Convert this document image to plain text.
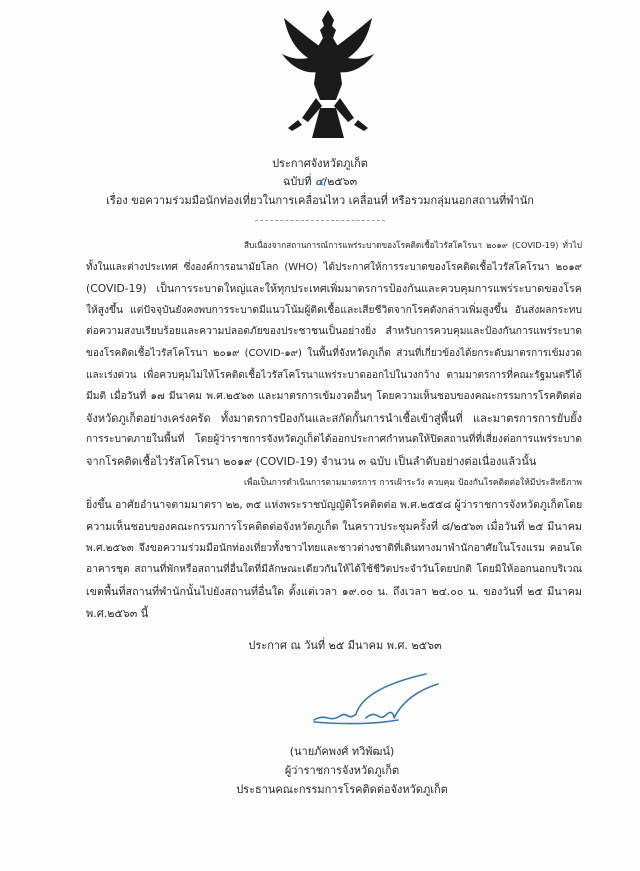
ประกาศจังหวัดภูเก็ต
ฉบับที่ ๔/๒๕๖๓
เรื่อง ขอความร่วมมือนักท่องเที่ยวในการเคลื่อนไหว เคลื่อนที่ หรือรวมกลุ่มนอกสถานที่พำนัก
สืบเนื่องจากสถานการณ์การแพร่ระบาดของโรคติดเชื้อไวรัสโคโรนา ๒๐๑๙ (COVID-19) ทั่วไป
ทั้งในและต่างประเทศ ซึ่งองค์การอนามัยโลก (WHO) ได้ประกาศให้การระบาดของโรคติดเชื้อไวรัสโคโรนา ๒๐๑๙
(COVID-19) เป็นการระบาดใหญ่และให้ทุกประเทศเพิ่มมาตรการป้องกันและควบคุมการแพร่ระบาดของโรค
ให้สูงขึ้น แต่ปัจจุบันยังคงพบการระบาดมีแนวโน้มผู้ติดเชื้อและเสียชีวิตจากโรคดังกล่าวเพิ่มสูงขึ้น อันส่งผลกระทบ
ต่อความสงบเรียบร้อยและความปลอดภัยของประชาชนเป็นอย่างยิ่ง สำหรับการควบคุมและป้องกันการแพร่ระบาด
ของโรคติดเชื้อไวรัสโคโรนา ๒๐๑๙ (COVID-๑๙) ในพื้นที่จังหวัดภูเก็ต ส่วนที่เกี่ยวข้องได้ยกระดับมาตรการเข้มงวด
และเร่งด่วน เพื่อควบคุมไม่ให้โรคติดเชื้อไวรัสโคโรนาแพร่ระบาดออกไปในวงกว้าง ตามมาตรการที่คณะรัฐมนตรีได้
มีมติ เมื่อวันที่ ๑๗ มีนาคม พ.ศ.๒๕๖๓ และมาตรการเข้มงวดอื่นๆ โดยความเห็นชอบของคณะกรรมการโรคติดต่อ
จังหวัดภูเก็ตอย่างเคร่งครัด ทั้งมาตรการป้องกันและสกัดกั้นการนำเชื้อเข้าสู่พื้นที่ และมาตรการการยับยั้ง
การระบาดภายในพื้นที่ โดยผู้ว่าราชการจังหวัดภูเก็ตได้ออกประกาศกำหนดให้ปิดสถานที่ที่เสี่ยงต่อการแพร่ระบาด
จากโรคติดเชื้อไวรัสโคโรนา ๒๐๑๙ (COVID-19) จำนวน ๓ ฉบับ เป็นลำดับอย่างต่อเนื่องแล้วนั้น
เพื่อเป็นการดำเนินการตามมาตรการ การเฝ้าระวัง ควบคุม ป้องกันโรคติดต่อให้มีประสิทธิภาพ
ยิ่งขึ้น อาศัยอำนาจตามมาตรา ๒๒, ๓๕ แห่งพระราชบัญญัติโรคติดต่อ พ.ศ.๒๕๕๘ ผู้ว่าราชการจังหวัดภูเก็ตโดย
ความเห็นชอบของคณะกรรมการโรคติดต่อจังหวัดภูเก็ต ในคราวประชุมครั้งที่ ๘/๒๕๖๓ เมื่อวันที่ ๒๕ มีนาคม
พ.ศ.๒๕๖๓ จึงขอความร่วมมือนักท่องเที่ยวทั้งชาวไทยและชาวต่างชาติที่เดินทางมาพำนักอาศัยในโรงแรม คอนโด
อาคารชุด สถานที่พักหรือสถานที่อื่นใดที่มีลักษณะเดียวกันให้ได้ใช้ชีวิตประจำวันโดยปกติ โดยมิให้ออกนอกบริเวณ
เขตพื้นที่สถานที่พำนักนั้นไปยังสถานที่อื่นใด ตั้งแต่เวลา ๑๙.๐๐ น. ถึงเวลา ๒๔.๐๐ น. ของวันที่ ๒๕ มีนาคม
พ.ศ.๒๕๖๓ นี้
ประกาศ ณ วันที่ ๒๕ มีนาคม พ.ศ. ๒๕๖๓
(นายภัคพงศ์ ทวิพัฒน์)
ผู้ว่าราชการจังหวัดภูเก็ต
ประธานคณะกรรมการโรคติดต่อจังหวัดภูเก็ต
